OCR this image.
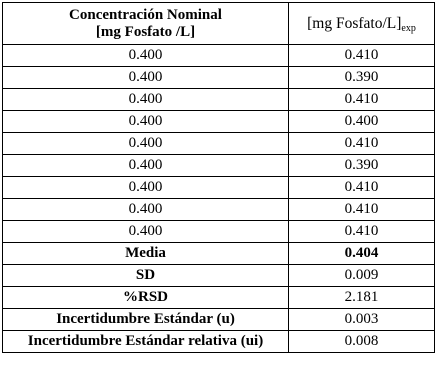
Concentración Nominal
[mg Fosfato /L]	[mg Fosfato/$L]_{exp}$
0.400	0.410
0.400	0.390
0.400	0.410
0.400	0.400
0.400	0.410
0.400	0.390
0.400	0.410
0.400	0.410
0.400	0.410
Media	0.404
SD	0.009
%RSD	2.181
Incertidumbre Estándar (u)	0.003
Incertidumbre Estándar relativa (ui)	0.008
